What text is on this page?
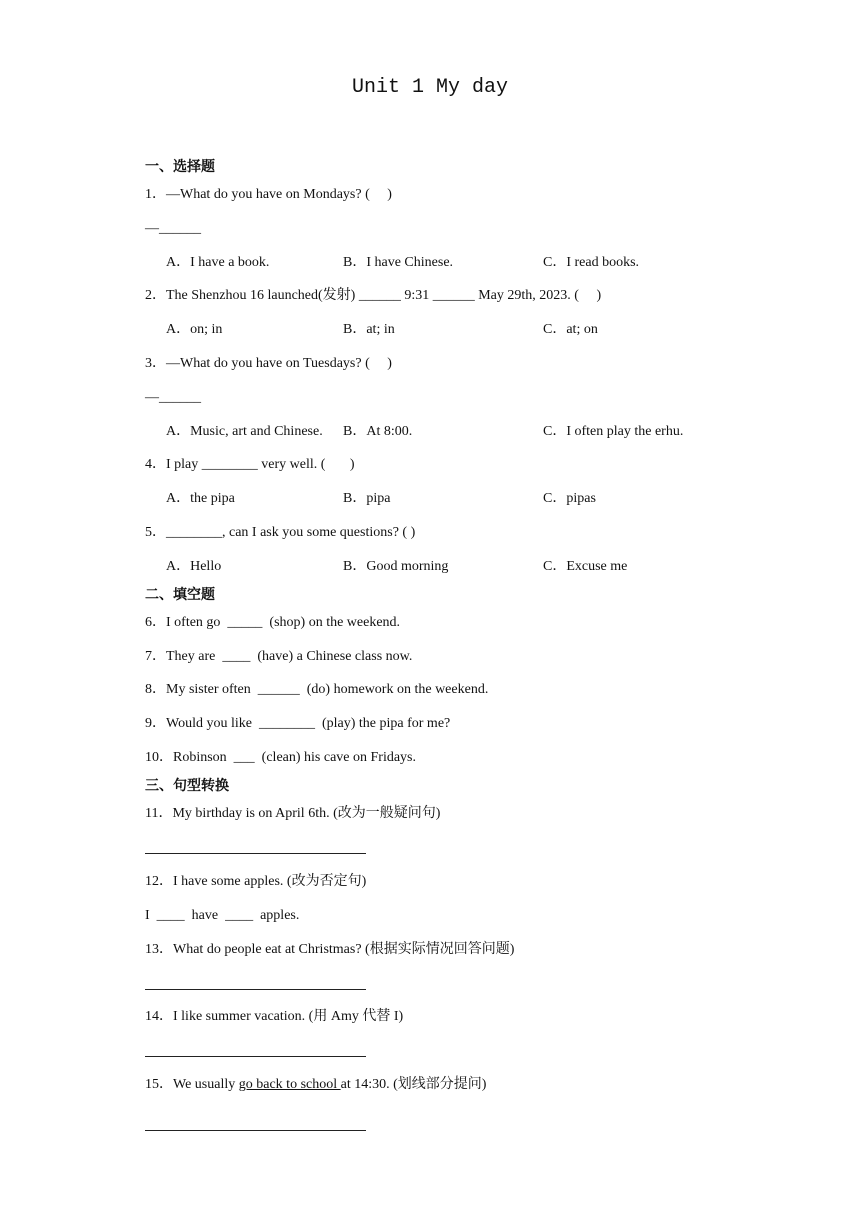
Unit 1 My day
一、选择题
1．—What do you have on Mondays? (     )
—______
A．I have a book.	B．I have Chinese.	C．I read books.
2．The Shenzhou 16 launched(发射) ______ 9:31 ______ May 29th, 2023. (     )
A．on; in	B．at; in	C．at; on
3．—What do you have on Tuesdays? (     )
—______
A．Music, art and Chinese. B．At 8:00.	C．I often play the erhu.
4．I play ________ very well. (       )
A．the pipa	B．pipa	C．pipas
5．________, can I ask you some questions? ( )
A．Hello	B．Good morning	C．Excuse me
二、填空题
6．I often go  _____  (shop) on the weekend.
7．They are  ____  (have) a Chinese class now.
8．My sister often  ______  (do) homework on the weekend.
9．Would you like  ________  (play) the pipa for me?
10．Robinson  ___  (clean) his cave on Fridays.
三、句型转换
11．My birthday is on April 6th. (改为一般疑问句)
12．I have some apples. (改为否定句)
I  ____  have  ____  apples.
13．What do people eat at Christmas? (根据实际情况回答问题)
14．I like summer vacation. (用 Amy 代替 I)
15．We usually go back to school at 14:30. (划线部分提问)
